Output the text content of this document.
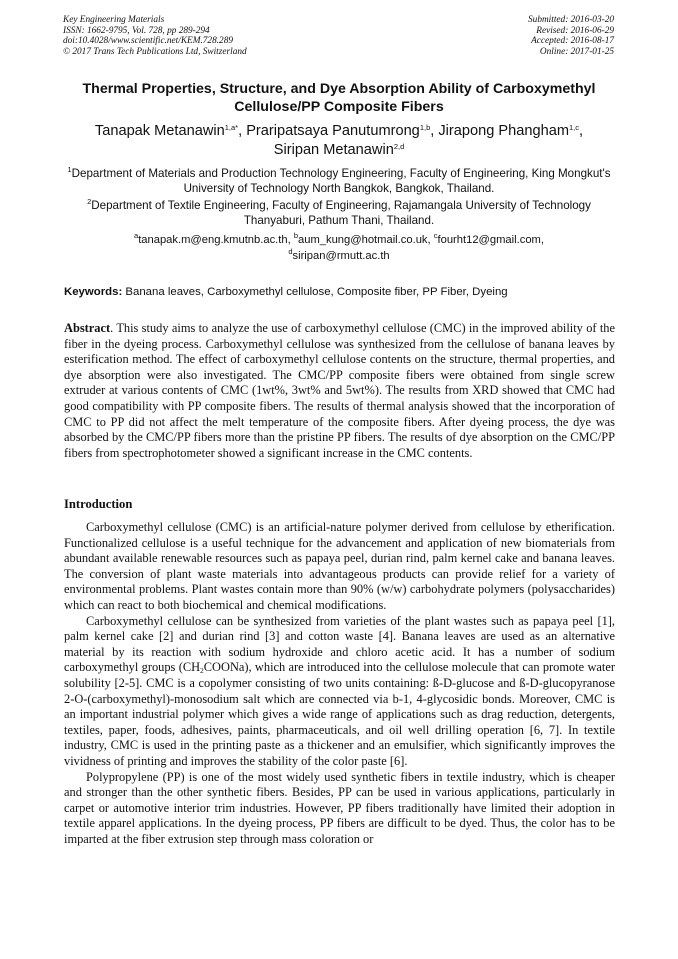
Key Engineering Materials
ISSN: 1662-9795, Vol. 728, pp 289-294
doi:10.4028/www.scientific.net/KEM.728.289
© 2017 Trans Tech Publications Ltd, Switzerland
Submitted: 2016-03-20
Revised: 2016-06-29
Accepted: 2016-08-17
Online: 2017-01-25
Thermal Properties, Structure, and Dye Absorption Ability of Carboxymethyl Cellulose/PP Composite Fibers
Tanapak Metanawin$^{1,a*}$, Praripatsaya Panutumrong$^{1,b}$, Jirapong Phangham$^{1,c}$,
Siripan Metanawin$^{2,d}$
$^1$Department of Materials and Production Technology Engineering, Faculty of Engineering, King Mongkut's University of Technology North Bangkok, Bangkok, Thailand.
$^2$Department of Textile Engineering, Faculty of Engineering, Rajamangala University of Technology Thanyaburi, Pathum Thani, Thailand.
$^a$tanapak.m@eng.kmutnb.ac.th, $^b$aum_kung@hotmail.co.uk, $^c$fourht12@gmail.com,
$^d$siripan@rmutt.ac.th
Keywords: Banana leaves, Carboxymethyl cellulose, Composite fiber, PP Fiber, Dyeing
Abstract. This study aims to analyze the use of carboxymethyl cellulose (CMC) in the improved ability of the fiber in the dyeing process. Carboxymethyl cellulose was synthesized from the cellulose of banana leaves by esterification method. The effect of carboxymethyl cellulose contents on the structure, thermal properties, and dye absorption were also investigated. The CMC/PP composite fibers were obtained from single screw extruder at various contents of CMC (1wt%, 3wt% and 5wt%). The results from XRD showed that CMC had good compatibility with PP composite fibers. The results of thermal analysis showed that the incorporation of CMC to PP did not affect the melt temperature of the composite fibers. After dyeing process, the dye was absorbed by the CMC/PP fibers more than the pristine PP fibers. The results of dye absorption on the CMC/PP fibers from spectrophotometer showed a significant increase in the CMC contents.
Introduction

Carboxymethyl cellulose (CMC) is an artificial-nature polymer derived from cellulose by etherification. Functionalized cellulose is a useful technique for the advancement and application of new biomaterials from abundant available renewable resources such as papaya peel, durian rind, palm kernel cake and banana leaves. The conversion of plant waste materials into advantageous products can provide relief for a variety of environmental problems. Plant wastes contain more than 90% (w/w) carbohydrate polymers (polysaccharides) which can react to both biochemical and chemical modifications.

Carboxymethyl cellulose can be synthesized from varieties of the plant wastes such as papaya peel [1], palm kernel cake [2] and durian rind [3] and cotton waste [4]. Banana leaves are used as an alternative material by its reaction with sodium hydroxide and chloro acetic acid. It has a number of sodium carboxymethyl groups $(CH_2COONa)$, which are introduced into the cellulose molecule that can promote water solubility [2-5]. CMC is a copolymer consisting of two units containing: ß-D-glucose and ß-D-glucopyranose 2-O-(carboxymethyl)-monosodium salt which are connected via b-1, 4-glycosidic bonds. Moreover, CMC is an important industrial polymer which gives a wide range of applications such as drag reduction, detergents, textiles, paper, foods, adhesives, paints, pharmaceuticals, and oil well drilling operation [6, 7]. In textile industry, CMC is used in the printing paste as a thickener and an emulsifier, which significantly improves the vividness of printing and improves the stability of the color paste [6].

Polypropylene (PP) is one of the most widely used synthetic fibers in textile industry, which is cheaper and stronger than the other synthetic fibers. Besides, PP can be used in various applications, particularly in carpet or automotive interior trim industries. However, PP fibers traditionally have limited their adoption in textile apparel applications. In the dyeing process, PP fibers are difficult to be dyed. Thus, the color has to be imparted at the fiber extrusion step through mass coloration or
